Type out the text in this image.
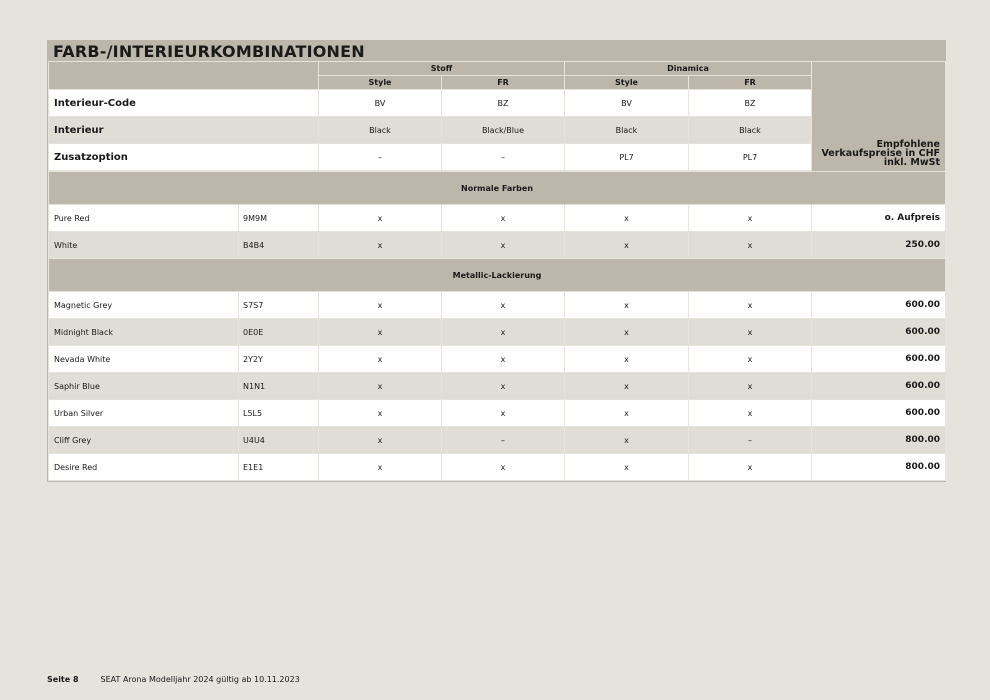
FARB-/INTERIEURKOMBINATIONEN
		Stoff		Dinamica		Empfohlene Verkaufspreise in CHF inkl. MwSt
		Style	FR	Style	FR	
Interieur-Code		BV	BZ	BV	BZ	
Interieur		Black	Black/Blue	Black	Black	
Zusatzoption		–	–	PL7	PL7	

Normale Farben						
Pure Red	9M9M	x	x	x	x	o. Aufpreis
White	B4B4	x	x	x	x	250.00
Metallic-Lackierung						
Magnetic Grey	S7S7	x	x	x	x	600.00
Midnight Black	0E0E	x	x	x	x	600.00
Nevada White	2Y2Y	x	x	x	x	600.00
Saphir Blue	N1N1	x	x	x	x	600.00
Urban Silver	L5L5	x	x	x	x	600.00
Cliff Grey	U4U4	x	–	x	–	800.00
Desire Red	E1E1	x	x	x	x	800.00
Seite 8	SEAT Arona Modelljahr 2024 gültig ab 10.11.2023
